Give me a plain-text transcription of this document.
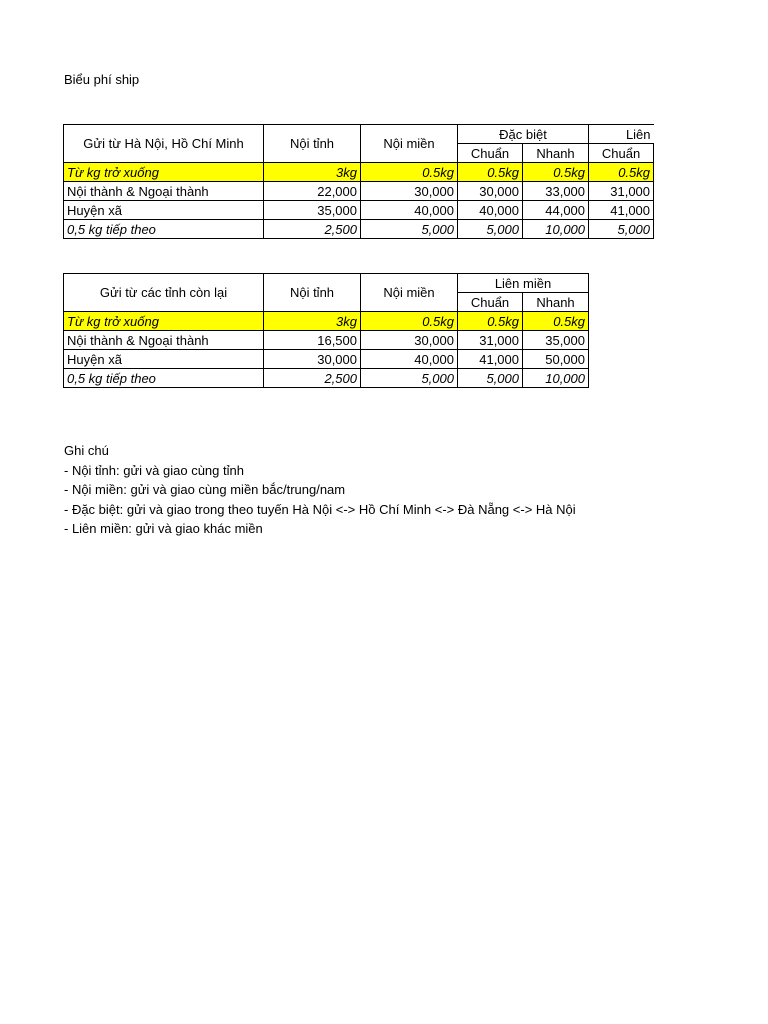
Biểu phí ship
Gửi từ Hà Nội, Hồ Chí Minh	Nội tỉnh	Nội miền	Đặc biệt		Liên
			Chuẩn	Nhanh	Chuẩn
Từ kg trở xuống	3kg	0.5kg	0.5kg	0.5kg	0.5kg
Nội thành & Ngoại thành	22,000	30,000	30,000	33,000	31,000
Huyện xã	35,000	40,000	40,000	44,000	41,000
0,5 kg tiếp theo	2,500	5,000	5,000	10,000	5,000
Gửi từ các tỉnh còn lại	Nội tỉnh	Nội miền	Liên miền	
			Chuẩn	Nhanh
Từ kg trở xuống	3kg	0.5kg	0.5kg	0.5kg
Nội thành & Ngoại thành	16,500	30,000	31,000	35,000
Huyện xã	30,000	40,000	41,000	50,000
0,5 kg tiếp theo	2,500	5,000	5,000	10,000
Ghi chú
- Nội tỉnh: gửi và giao cùng tỉnh
- Nội miền: gửi và giao cùng miền bắc/trung/nam
- Đặc biệt: gửi và giao trong theo tuyến Hà Nội <-> Hồ Chí Minh <-> Đà Nẵng <-> Hà Nội
- Liên miền: gửi và giao khác miền
